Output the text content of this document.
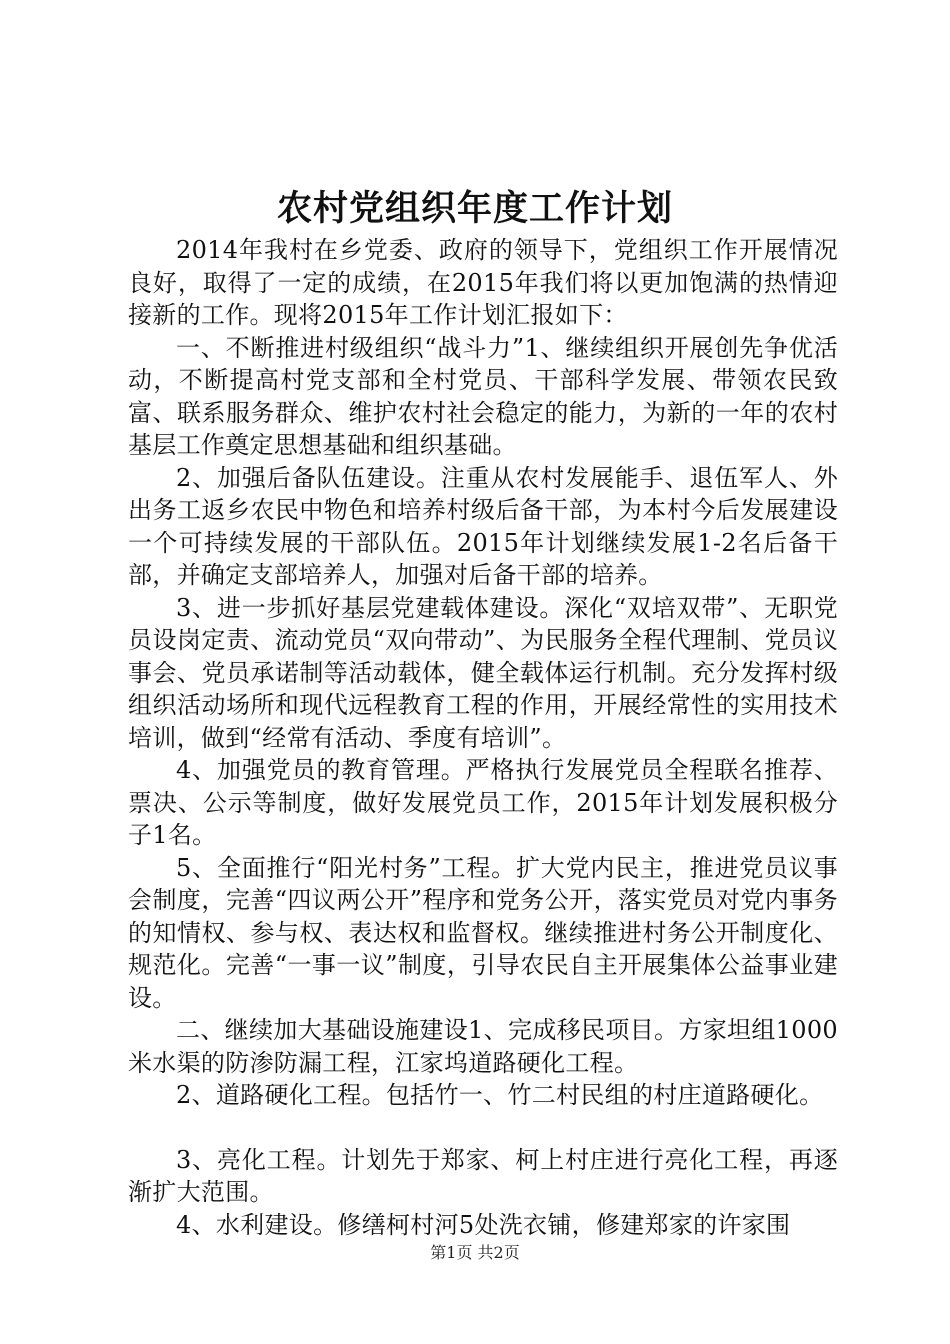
农村党组织年度工作计划

2014年我村在乡党委、政府的领导下，党组织工作开展情况良好，取得了一定的成绩，在2015年我们将以更加饱满的热情迎接新的工作。现将2015年工作计划汇报如下：

一、不断推进村级组织“战斗力”1、继续组织开展创先争优活动，不断提高村党支部和全村党员、干部科学发展、带领农民致富、联系服务群众、维护农村社会稳定的能力，为新的一年的农村基层工作奠定思想基础和组织基础。

2、加强后备队伍建设。注重从农村发展能手、退伍军人、外出务工返乡农民中物色和培养村级后备干部，为本村今后发展建设一个可持续发展的干部队伍。2015年计划继续发展1-2名后备干部，并确定支部培养人，加强对后备干部的培养。

3、进一步抓好基层党建载体建设。深化“双培双带”、无职党员设岗定责、流动党员“双向带动”、为民服务全程代理制、党员议事会、党员承诺制等活动载体，健全载体运行机制。充分发挥村级组织活动场所和现代远程教育工程的作用，开展经常性的实用技术培训，做到“经常有活动、季度有培训”。

4、加强党员的教育管理。严格执行发展党员全程联名推荐、票决、公示等制度，做好发展党员工作，2015年计划发展积极分子1名。

5、全面推行“阳光村务”工程。扩大党内民主，推进党员议事会制度，完善“四议两公开”程序和党务公开，落实党员对党内事务的知情权、参与权、表达权和监督权。继续推进村务公开制度化、规范化。完善“一事一议”制度，引导农民自主开展集体公益事业建设。

二、继续加大基础设施建设1、完成移民项目。方家坦组1000米水渠的防渗防漏工程，江家坞道路硬化工程。

2、道路硬化工程。包括竹一、竹二村民组的村庄道路硬化。

3、亮化工程。计划先于郑家、柯上村庄进行亮化工程，再逐渐扩大范围。

4、水利建设。修缮柯村河5处洗衣铺，修建郑家的许家围

第1页 共2页
